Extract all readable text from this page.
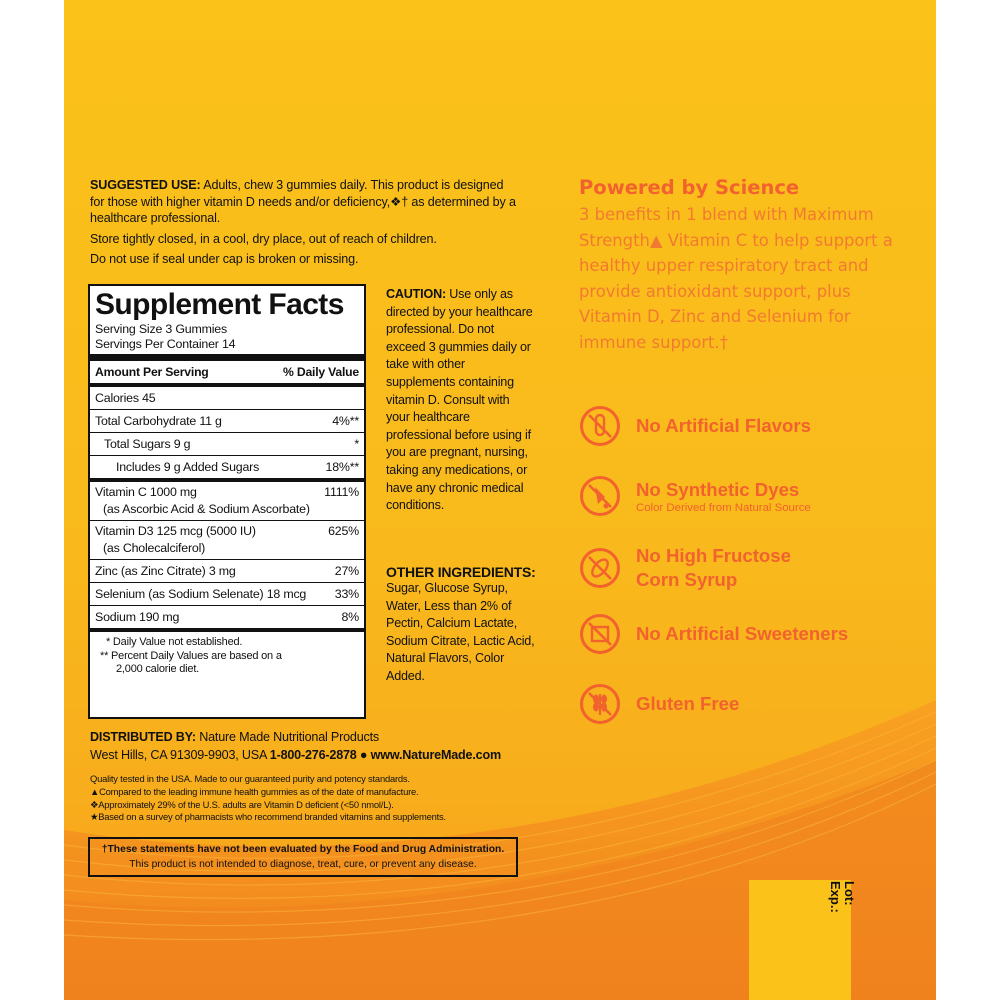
SUGGESTED USE: Adults, chew 3 gummies daily. This product is designed for those with higher vitamin D needs and/or deficiency,❖† as determined by a healthcare professional.

Store tightly closed, in a cool, dry place, out of reach of children.

Do not use if seal under cap is broken or missing.

Supplement Facts
Serving Size 3 Gummies
Servings Per Container 14
Amount Per Serving	% Daily Value
Calories 45
Total Carbohydrate 11 g	4%**
Total Sugars 9 g	*
Includes 9 g Added Sugars	18%**
Vitamin C 1000 mg	1111%
(as Ascorbic Acid & Sodium Ascorbate)
Vitamin D3 125 mcg (5000 IU)	625%
(as Cholecalciferol)
Zinc (as Zinc Citrate) 3 mg	27%
Selenium (as Sodium Selenate) 18 mcg 33%
Sodium 190 mg	8%
* Daily Value not established.
** Percent Daily Values are based on a
2,000 calorie diet.
CAUTION: Use only as directed by your healthcare professional. Do not exceed 3 gummies daily or take with other supplements containing vitamin D. Consult with your healthcare professional before using if you are pregnant, nursing, taking any medications, or have any chronic medical conditions.
OTHER INGREDIENTS:
Sugar, Glucose Syrup, Water, Less than 2% of Pectin, Calcium Lactate, Sodium Citrate, Lactic Acid, Natural Flavors, Color Added.
DISTRIBUTED BY: Nature Made Nutritional Products
West Hills, CA 91309-9903, USA 1-800-276-2878 ● www.NatureMade.com
Quality tested in the USA. Made to our guaranteed purity and potency standards.
▲Compared to the leading immune health gummies as of the date of manufacture.
❖Approximately 29% of the U.S. adults are Vitamin D deficient (<50 nmol/L).
★Based on a survey of pharmacists who recommend branded vitamins and supplements.
†These statements have not been evaluated by the Food and Drug Administration.
This product is not intended to diagnose, treat, cure, or prevent any disease.
Powered by Science
3 benefits in 1 blend with Maximum Strength▲ Vitamin C to help support a healthy upper respiratory tract and provide antioxidant support, plus Vitamin D, Zinc and Selenium for immune support.†
No Artificial Flavors
No Synthetic Dyes
Color Derived from Natural Source
No High Fructose Corn Syrup
No Artificial Sweeteners
Gluten Free
Lot:
Exp.:
